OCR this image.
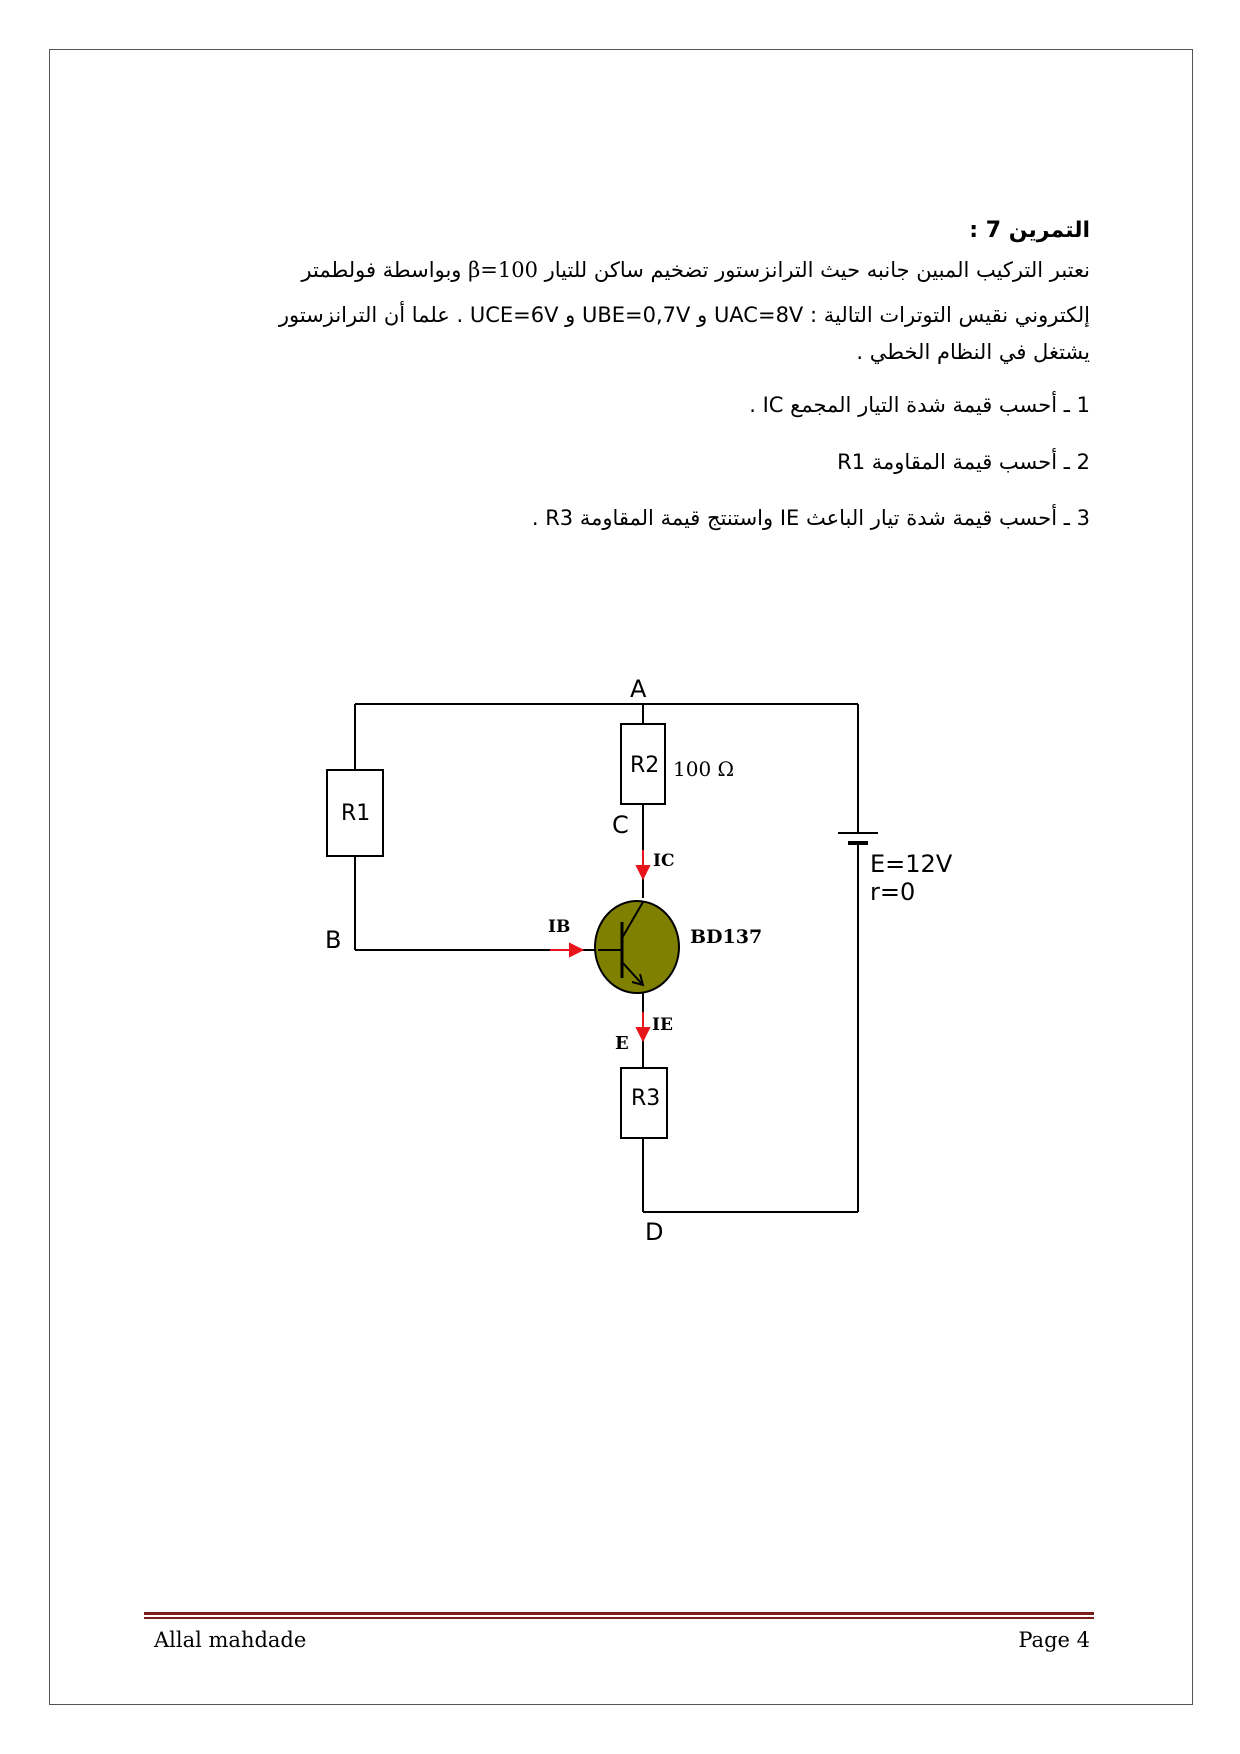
التمرين 7 :
نعتبر التركيب المبين جانبه حيث الترانزستور تضخيم ساكن للتيار β=100 وبواسطة فولطمتر
إلكتروني نقيس التوترات التالية : UAC=8V و UBE=0,7V و UCE=6V . علما أن الترانزستور
يشتغل في النظام الخطي .
1 ـ أحسب قيمة شدة التيار المجمع IC .
2 ـ أحسب قيمة المقاومة R1
3 ـ أحسب قيمة شدة تيار الباعث IE واستنتج قيمة المقاومة R3 .
A
C
B
D
E
R1
R2
R3
100 Ω
IC
IB
IE
BD137
E=12V
r=0
Allal mahdade	Page 4
